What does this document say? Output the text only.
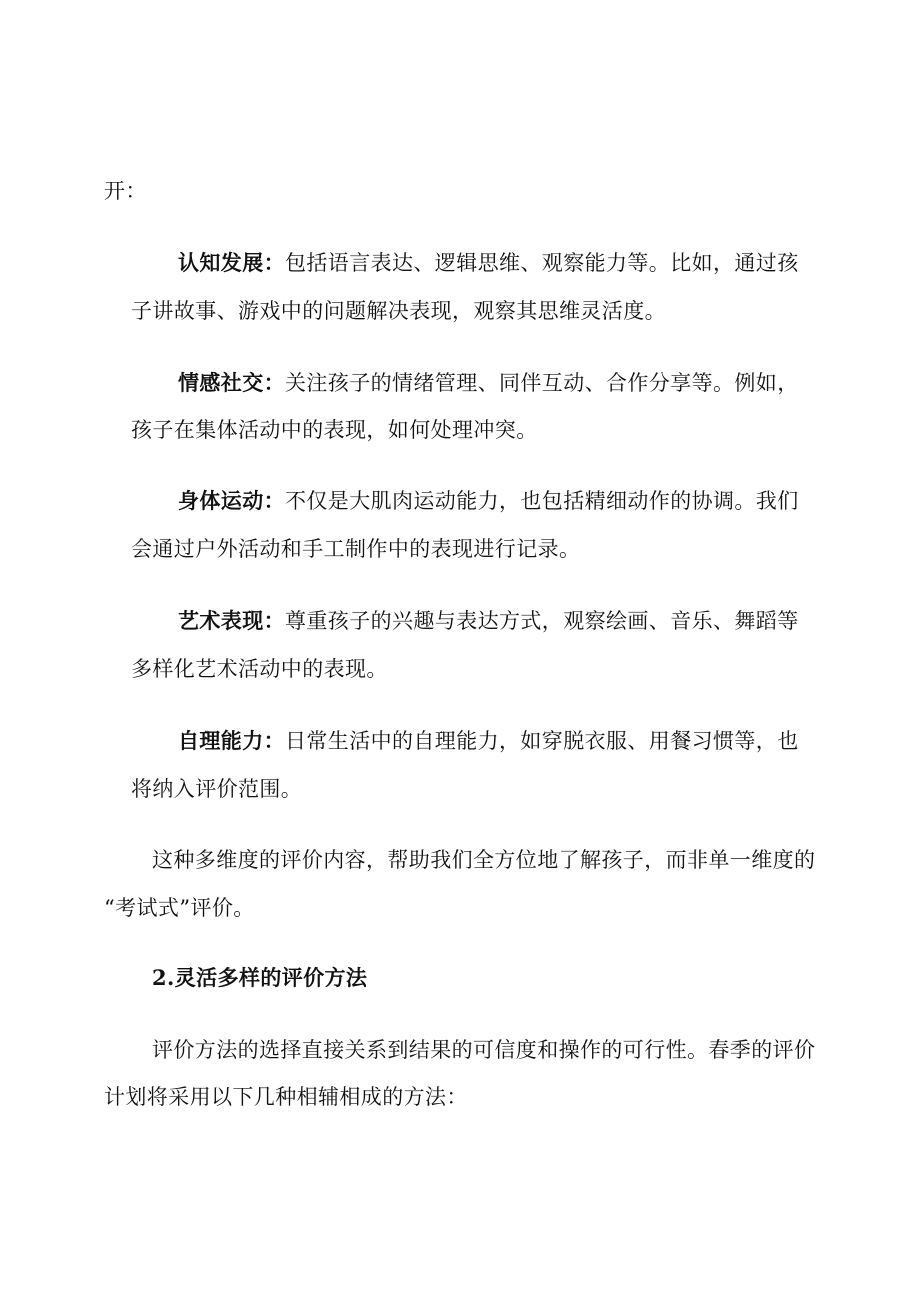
开：
认知发展：包括语言表达、逻辑思维、观察能力等。比如，通过孩
子讲故事、游戏中的问题解决表现，观察其思维灵活度。
情感社交：关注孩子的情绪管理、同伴互动、合作分享等。例如，
孩子在集体活动中的表现，如何处理冲突。
身体运动：不仅是大肌肉运动能力，也包括精细动作的协调。我们
会通过户外活动和手工制作中的表现进行记录。
艺术表现：尊重孩子的兴趣与表达方式，观察绘画、音乐、舞蹈等
多样化艺术活动中的表现。
自理能力：日常生活中的自理能力，如穿脱衣服、用餐习惯等，也
将纳入评价范围。
这种多维度的评价内容，帮助我们全方位地了解孩子，而非单一维度的
“考试式”评价。
2.灵活多样的评价方法
评价方法的选择直接关系到结果的可信度和操作的可行性。春季的评价
计划将采用以下几种相辅相成的方法：
